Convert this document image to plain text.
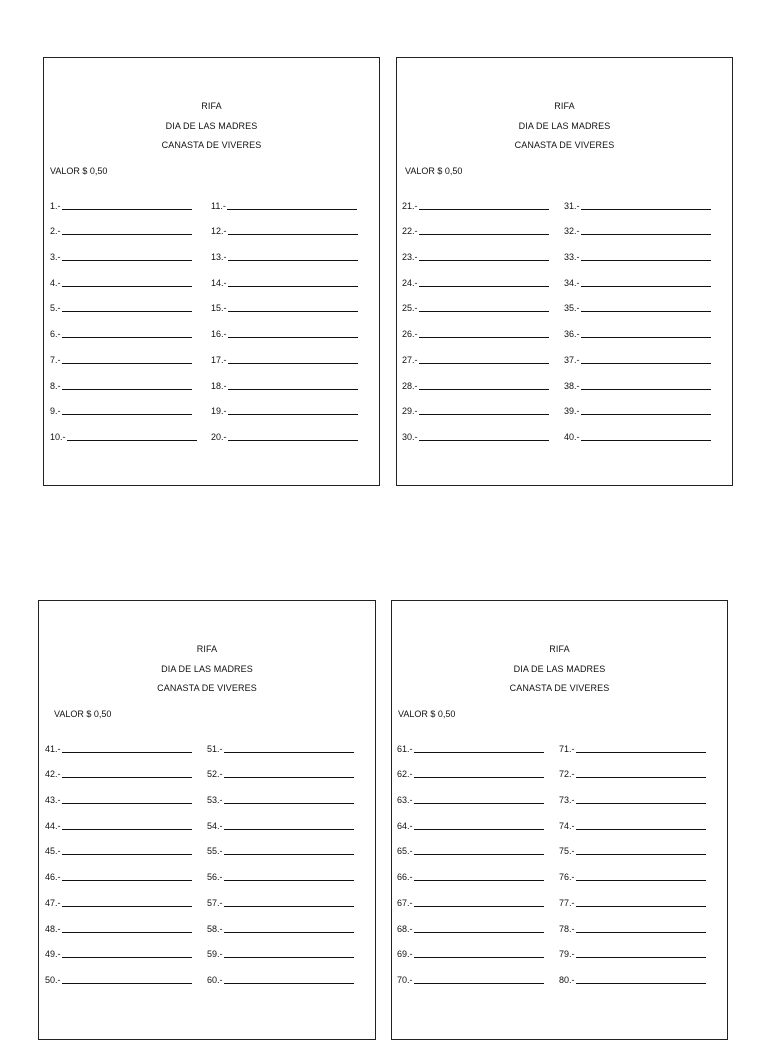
RIFA
DIA DE LAS MADRES
CANASTA DE VIVERES
VALOR $ 0,50
1.-
2.-
3.-
4.-
5.-
6.-
7.-
8.-
9.-
10.-
11.-
12.-
13.-
14.-
15.-
16.-
17.-
18.-
19.-
20.-
RIFA
DIA DE LAS MADRES
CANASTA DE VIVERES
VALOR $ 0,50
21.-
22.-
23.-
24.-
25.-
26.-
27.-
28.-
29.-
30.-
31.-
32.-
33.-
34.-
35.-
36.-
37.-
38.-
39.-
40.-
RIFA
DIA DE LAS MADRES
CANASTA DE VIVERES
VALOR $ 0,50
41.-
42.-
43.-
44.-
45.-
46.-
47.-
48.-
49.-
50.-
51.-
52.-
53.-
54.-
55.-
56.-
57.-
58.-
59.-
60.-
RIFA
DIA DE LAS MADRES
CANASTA DE VIVERES
VALOR $ 0,50
61.-
62.-
63.-
64.-
65.-
66.-
67.-
68.-
69.-
70.-
71.-
72.-
73.-
74.-
75.-
76.-
77.-
78.-
79.-
80.-
